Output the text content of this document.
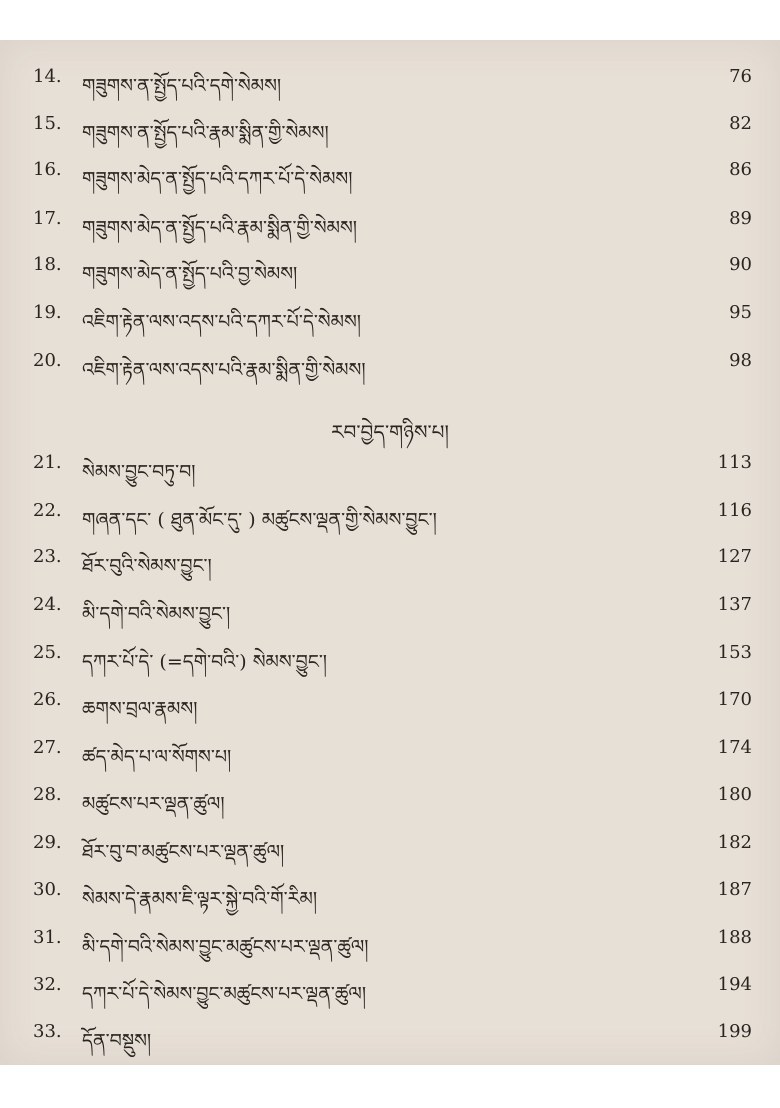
14. གཟུགས་ན་སྤྱོད་པའི་དགེ་སེམས།	76
15. གཟུགས་ན་སྤྱོད་པའི་རྣམ་སྨིན་གྱི་སེམས།	82
16. གཟུགས་མེད་ན་སྤྱོད་པའི་དཀར་པོ་དེ་སེམས།	86
17. གཟུགས་མེད་ན་སྤྱོད་པའི་རྣམ་སྨིན་གྱི་སེམས།	89
18. གཟུགས་མེད་ན་སྤྱོད་པའི་བྱ་སེམས།	90
19. འཇིག་རྟེན་ལས་འདས་པའི་དཀར་པོ་དེ་སེམས།	95
20. འཇིག་རྟེན་ལས་འདས་པའི་རྣམ་སྨིན་གྱི་སེམས།	98
རབ་བྱེད་གཉིས་པ།
21. སེམས་བྱུང་བཏུ་བ།	113
22. གཞན་དང་ ( ཐུན་མོང་དུ་ ) མཚུངས་ལྡན་གྱི་སེམས་བྱུང་།	116
23. ཐོར་བུའི་སེམས་བྱུང་།	127
24. མི་དགེ་བའི་སེམས་བྱུང་།	137
25. དཀར་པོ་དེ་ (=དགེ་བའི་) སེམས་བྱུང་།	153
26. ཆགས་བྲལ་རྣམས།	170
27. ཚད་མེད་པ་ལ་སོགས་པ།	174
28. མཚུངས་པར་ལྡན་ཚུལ།	180
29. ཐོར་བུ་བ་མཚུངས་པར་ལྡན་ཚུལ།	182
30. སེམས་དེ་རྣམས་ཇི་ལྟར་སྐྱེ་བའི་གོ་རིམ།	187
31. མི་དགེ་བའི་སེམས་བྱུང་མཚུངས་པར་ལྡན་ཚུལ།	188
32. དཀར་པོ་དེ་སེམས་བྱུང་མཚུངས་པར་ལྡན་ཚུལ།	194
33. དོན་བསྡུས།	199
